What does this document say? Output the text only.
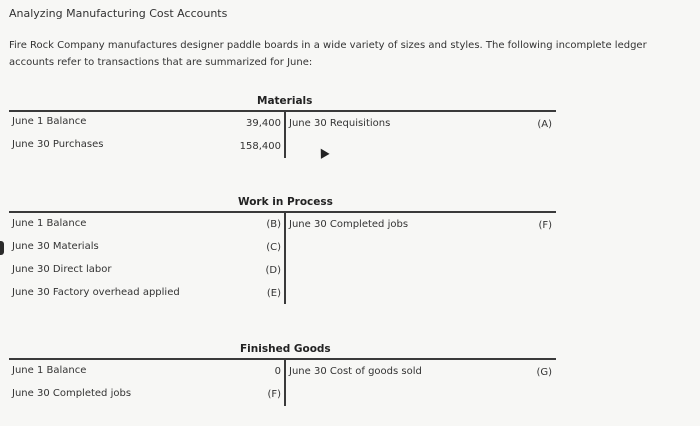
Analyzing Manufacturing Cost Accounts
Fire Rock Company manufactures designer paddle boards in a wide variety of sizes and styles. The following incomplete ledger accounts refer to transactions that are summarized for June:
Materials
June 1 Balance	39,400
June 30 Purchases	158,400
June 30 Requisitions	(A)
Work in Process
June 1 Balance	(B)
June 30 Materials	(C)
June 30 Direct labor	(D)
June 30 Factory overhead applied	(E)
June 30 Completed jobs	(F)
Finished Goods
June 1 Balance	0
June 30 Completed jobs	(F)
June 30 Cost of goods sold	(G)
